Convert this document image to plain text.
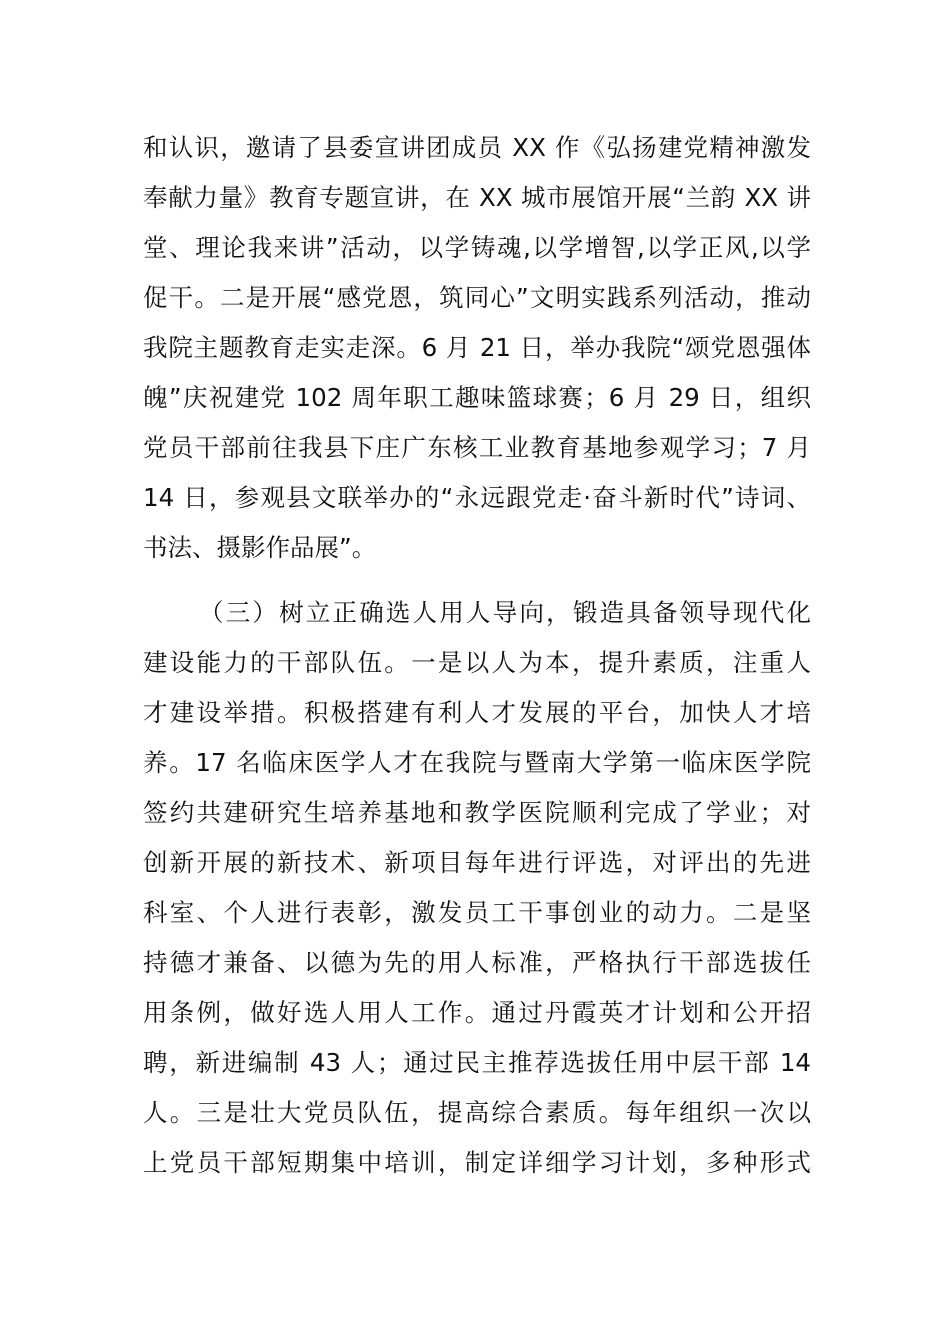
和认识，邀请了县委宣讲团成员 XX 作《弘扬建党精神激发
奉献力量》教育专题宣讲，在 XX 城市展馆开展“兰韵 XX 讲
堂、理论我来讲”活动，以学铸魂,以学增智,以学正风,以学
促干。二是开展“感党恩，筑同心”文明实践系列活动，推动
我院主题教育走实走深。6 月 21 日，举办我院“颂党恩强体
魄”庆祝建党 102 周年职工趣味篮球赛；6 月 29 日，组织
党员干部前往我县下庄广东核工业教育基地参观学习；7 月
14 日，参观县文联举办的“永远跟党走·奋斗新时代”诗词、
书法、摄影作品展”。
（三）树立正确选人用人导向，锻造具备领导现代化
建设能力的干部队伍。一是以人为本，提升素质，注重人
才建设举措。积极搭建有利人才发展的平台，加快人才培
养。17 名临床医学人才在我院与暨南大学第一临床医学院
签约共建研究生培养基地和教学医院顺利完成了学业；对
创新开展的新技术、新项目每年进行评选，对评出的先进
科室、个人进行表彰，激发员工干事创业的动力。二是坚
持德才兼备、以德为先的用人标准，严格执行干部选拔任
用条例，做好选人用人工作。通过丹霞英才计划和公开招
聘，新进编制 43 人；通过民主推荐选拔任用中层干部 14
人。三是壮大党员队伍，提高综合素质。每年组织一次以
上党员干部短期集中培训，制定详细学习计划，多种形式
